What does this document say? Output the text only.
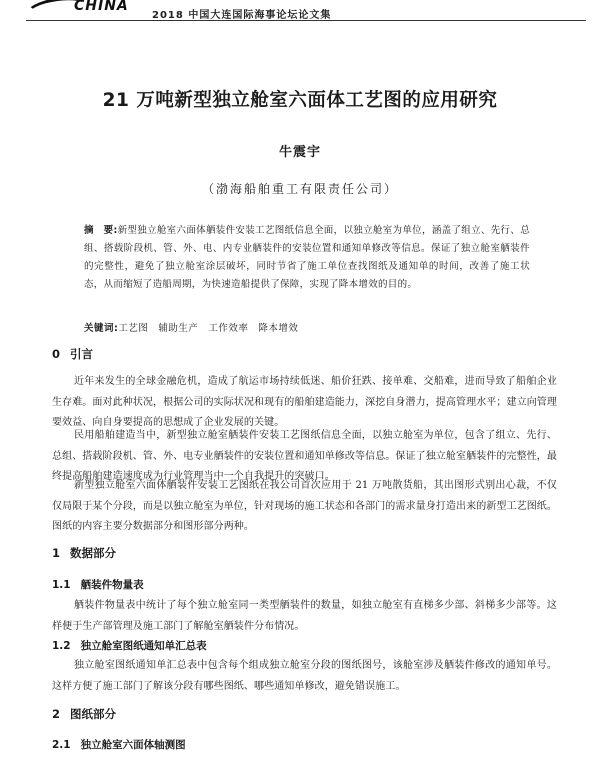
CHINA
2018 中国大连国际海事论坛论文集
21 万吨新型独立舱室六面体工艺图的应用研究
牛震宇
（渤海船舶重工有限责任公司）
摘　要:新型独立舱室六面体舾装件安装工艺图纸信息全面，以独立舱室为单位，涵盖了组立、先行、总组、搭载阶段机、管、外、电、内专业舾装件的安装位置和通知单修改等信息。保证了独立舱室舾装件的完整性，避免了独立舱室涂层破坏，同时节省了施工单位查找图纸及通知单的时间，改善了施工状态，从而缩短了造船周期，为快速造船提供了保障，实现了降本增效的目的。
关键词:工艺图 辅助生产 工作效率 降本增效
0 引言
近年来发生的全球金融危机，造成了航运市场持续低迷、船价狂跌、接单难、交船难，进而导致了船舶企业生存难。面对此种状况，根据公司的实际状况和现有的船舶建造能力，深挖自身潜力，提高管理水平；建立向管理要效益、向自身要提高的思想成了企业发展的关键。
民用船舶建造当中，新型独立舱室舾装件安装工艺图纸信息全面，以独立舱室为单位，包含了组立、先行、总组、搭载阶段机、管、外、电专业舾装件的安装位置和通知单修改等信息。保证了独立舱室舾装件的完整性，最终提高船舶建造速度成为行业管理当中一个自我提升的突破口。
新型独立舱室六面体舾装件安装工艺图纸在我公司首次应用于 21 万吨散货船，其出图形式别出心裁，不仅仅局限于某个分段，而是以独立舱室为单位，针对现场的施工状态和各部门的需求量身打造出来的新型工艺图纸。图纸的内容主要分数据部分和图形部分两种。
1 数据部分
1.1 舾装件物量表
舾装件物量表中统计了每个独立舱室同一类型舾装件的数量，如独立舱室有直梯多少部、斜梯多少部等。这样便于生产部管理及施工部门了解舱室舾装件分布情况。
1.2 独立舱室图纸通知单汇总表
独立舱室图纸通知单汇总表中包含每个组成独立舱室分段的图纸图号，该舱室涉及舾装件修改的通知单号。这样方便了施工部门了解该分段有哪些图纸、哪些通知单修改，避免错误施工。
2 图纸部分
2.1 独立舱室六面体轴测图
